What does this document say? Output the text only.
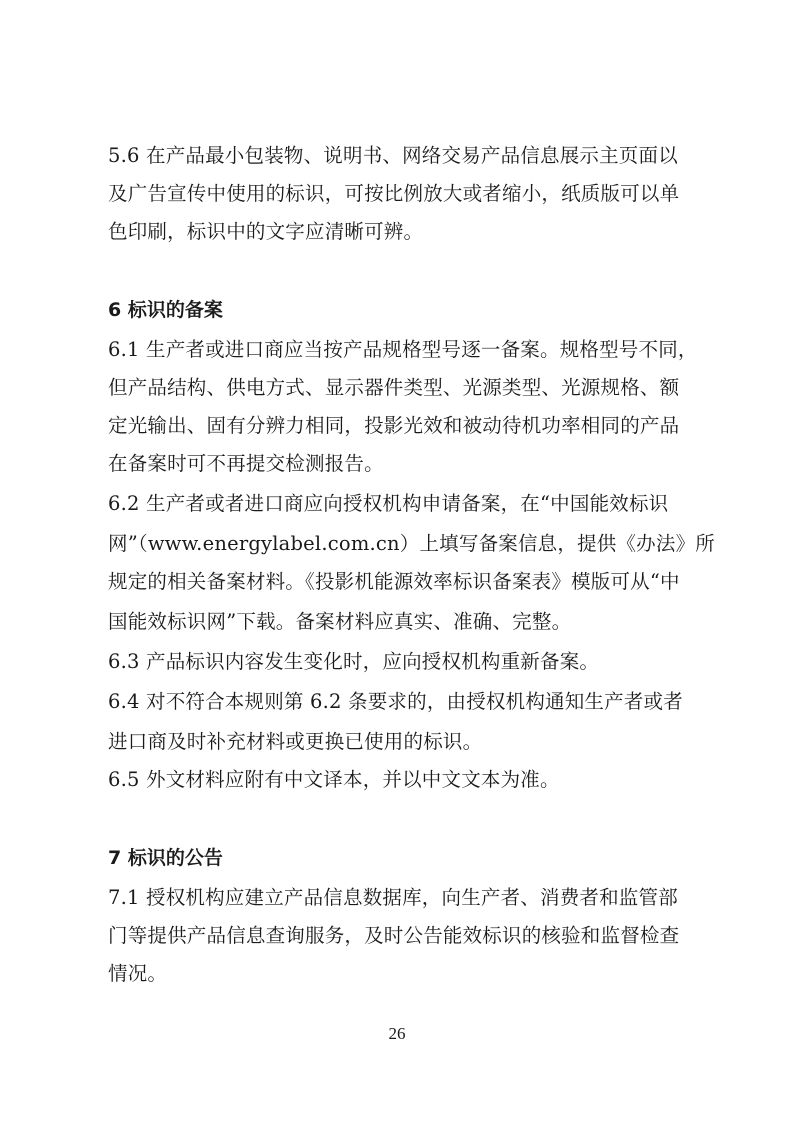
5.6 在产品最小包装物、说明书、网络交易产品信息展示主页面以
及广告宣传中使用的标识，可按比例放大或者缩小，纸质版可以单
色印刷，标识中的文字应清晰可辨。
6 标识的备案
6.1 生产者或进口商应当按产品规格型号逐一备案。规格型号不同，
但产品结构、供电方式、显示器件类型、光源类型、光源规格、额
定光输出、固有分辨力相同，投影光效和被动待机功率相同的产品
在备案时可不再提交检测报告。
6.2 生产者或者进口商应向授权机构申请备案，在“中国能效标识
网”（www.energylabel.com.cn）上填写备案信息，提供《办法》所
规定的相关备案材料。《投影机能源效率标识备案表》模版可从“中
国能效标识网”下载。备案材料应真实、准确、完整。
6.3 产品标识内容发生变化时，应向授权机构重新备案。
6.4 对不符合本规则第 6.2 条要求的，由授权机构通知生产者或者
进口商及时补充材料或更换已使用的标识。
6.5 外文材料应附有中文译本，并以中文文本为准。
7 标识的公告
7.1 授权机构应建立产品信息数据库，向生产者、消费者和监管部
门等提供产品信息查询服务，及时公告能效标识的核验和监督检查
情况。
26
